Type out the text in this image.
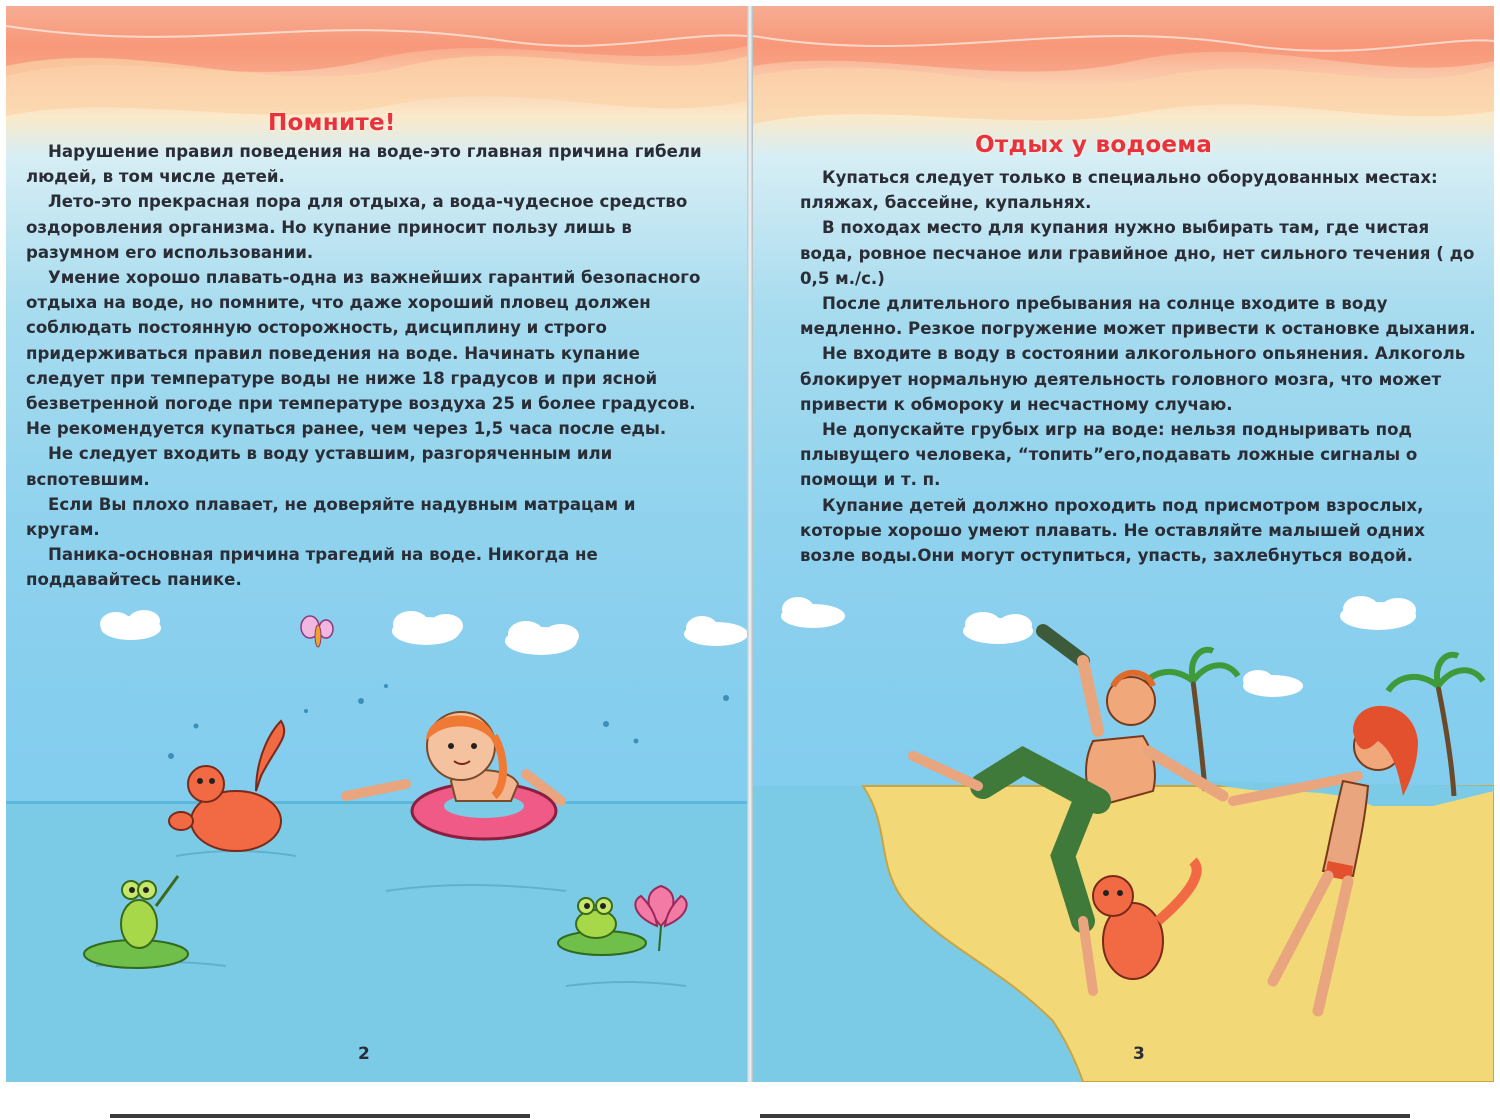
Помните!

Нарушение правил поведения на воде-это главная причина гибели людей, в том числе детей.

Лето-это прекрасная пора для отдыха, а вода-чудесное средство оздоровления организма. Но купание приносит пользу лишь в разумном его использовании.

Умение хорошо плавать-одна из важнейших гарантий безопасного отдыха на воде, но помните, что даже хороший пловец должен соблюдать постоянную осторожность, дисциплину и строго придерживаться правил поведения на воде. Начинать купание следует при температуре воды не ниже 18 градусов и при ясной безветренной погоде при температуре воздуха 25 и более градусов. Не рекомендуется купаться ранее, чем через 1,5 часа после еды.

Не следует входить в воду уставшим, разгоряченным или вспотевшим.

Если Вы плохо плавает, не доверяйте надувным матрацам и кругам.

Паника-основная причина трагедий на воде. Никогда не поддавайтесь панике.

2
Отдых у водоема

Купаться следует только в специально оборудованных местах: пляжах, бассейне, купальнях.

В походах место для купания нужно выбирать там, где чистая вода, ровное песчаное или гравийное дно, нет сильного течения ( до 0,5 м./с.)

После длительного пребывания на солнце входите в воду медленно. Резкое погружение может привести к остановке дыхания.

Не входите в воду в состоянии алкогольного опьянения. Алкоголь блокирует нормальную деятельность головного мозга, что может привести к обмороку и несчастному случаю.

Не допускайте грубых игр на воде: нельзя подныривать под плывущего человека, “топить”его,подавать ложные сигналы о помощи и т. п.

Купание детей должно проходить под присмотром взрослых, которые хорошо умеют плавать. Не оставляйте малышей одних возле воды.Они могут оступиться, упасть, захлебнуться водой.

3
